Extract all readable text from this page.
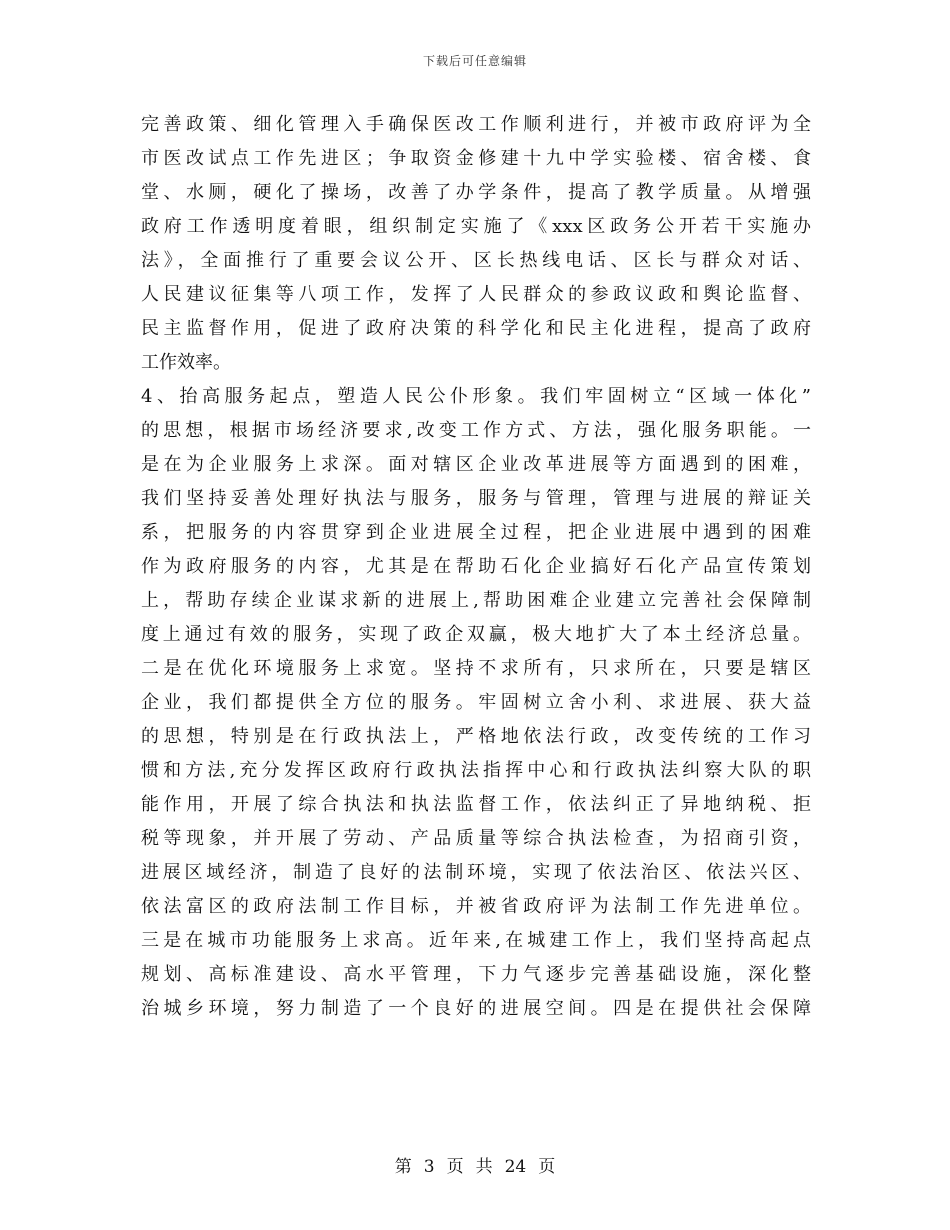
下载后可任意编辑
完善政策、细化管理入手确保医改工作顺利进行，并被市政府评为全
市医改试点工作先进区；争取资金修建十九中学实验楼、宿舍楼、食
堂、水厕，硬化了操场，改善了办学条件，提高了教学质量。从增强
政府工作透明度着眼，组织制定实施了《xxx区政务公开若干实施办
法》，全面推行了重要会议公开、区长热线电话、区长与群众对话、
人民建议征集等八项工作，发挥了人民群众的参政议政和舆论监督、
民主监督作用，促进了政府决策的科学化和民主化进程，提高了政府
工作效率。
4、抬高服务起点，塑造人民公仆形象。我们牢固树立“区域一体化”
的思想，根据市场经济要求,改变工作方式、方法，强化服务职能。一
是在为企业服务上求深。面对辖区企业改革进展等方面遇到的困难，
我们坚持妥善处理好执法与服务，服务与管理，管理与进展的辩证关
系，把服务的内容贯穿到企业进展全过程，把企业进展中遇到的困难
作为政府服务的内容，尤其是在帮助石化企业搞好石化产品宣传策划
上，帮助存续企业谋求新的进展上,帮助困难企业建立完善社会保障制
度上通过有效的服务，实现了政企双赢，极大地扩大了本土经济总量。
二是在优化环境服务上求宽。坚持不求所有，只求所在，只要是辖区
企业，我们都提供全方位的服务。牢固树立舍小利、求进展、获大益
的思想，特别是在行政执法上，严格地依法行政，改变传统的工作习
惯和方法,充分发挥区政府行政执法指挥中心和行政执法纠察大队的职
能作用，开展了综合执法和执法监督工作，依法纠正了异地纳税、拒
税等现象，并开展了劳动、产品质量等综合执法检查，为招商引资，
进展区域经济，制造了良好的法制环境，实现了依法治区、依法兴区、
依法富区的政府法制工作目标，并被省政府评为法制工作先进单位。
三是在城市功能服务上求高。近年来,在城建工作上，我们坚持高起点
规划、高标准建设、高水平管理，下力气逐步完善基础设施，深化整
治城乡环境，努力制造了一个良好的进展空间。四是在提供社会保障
第 3 页 共 24 页
